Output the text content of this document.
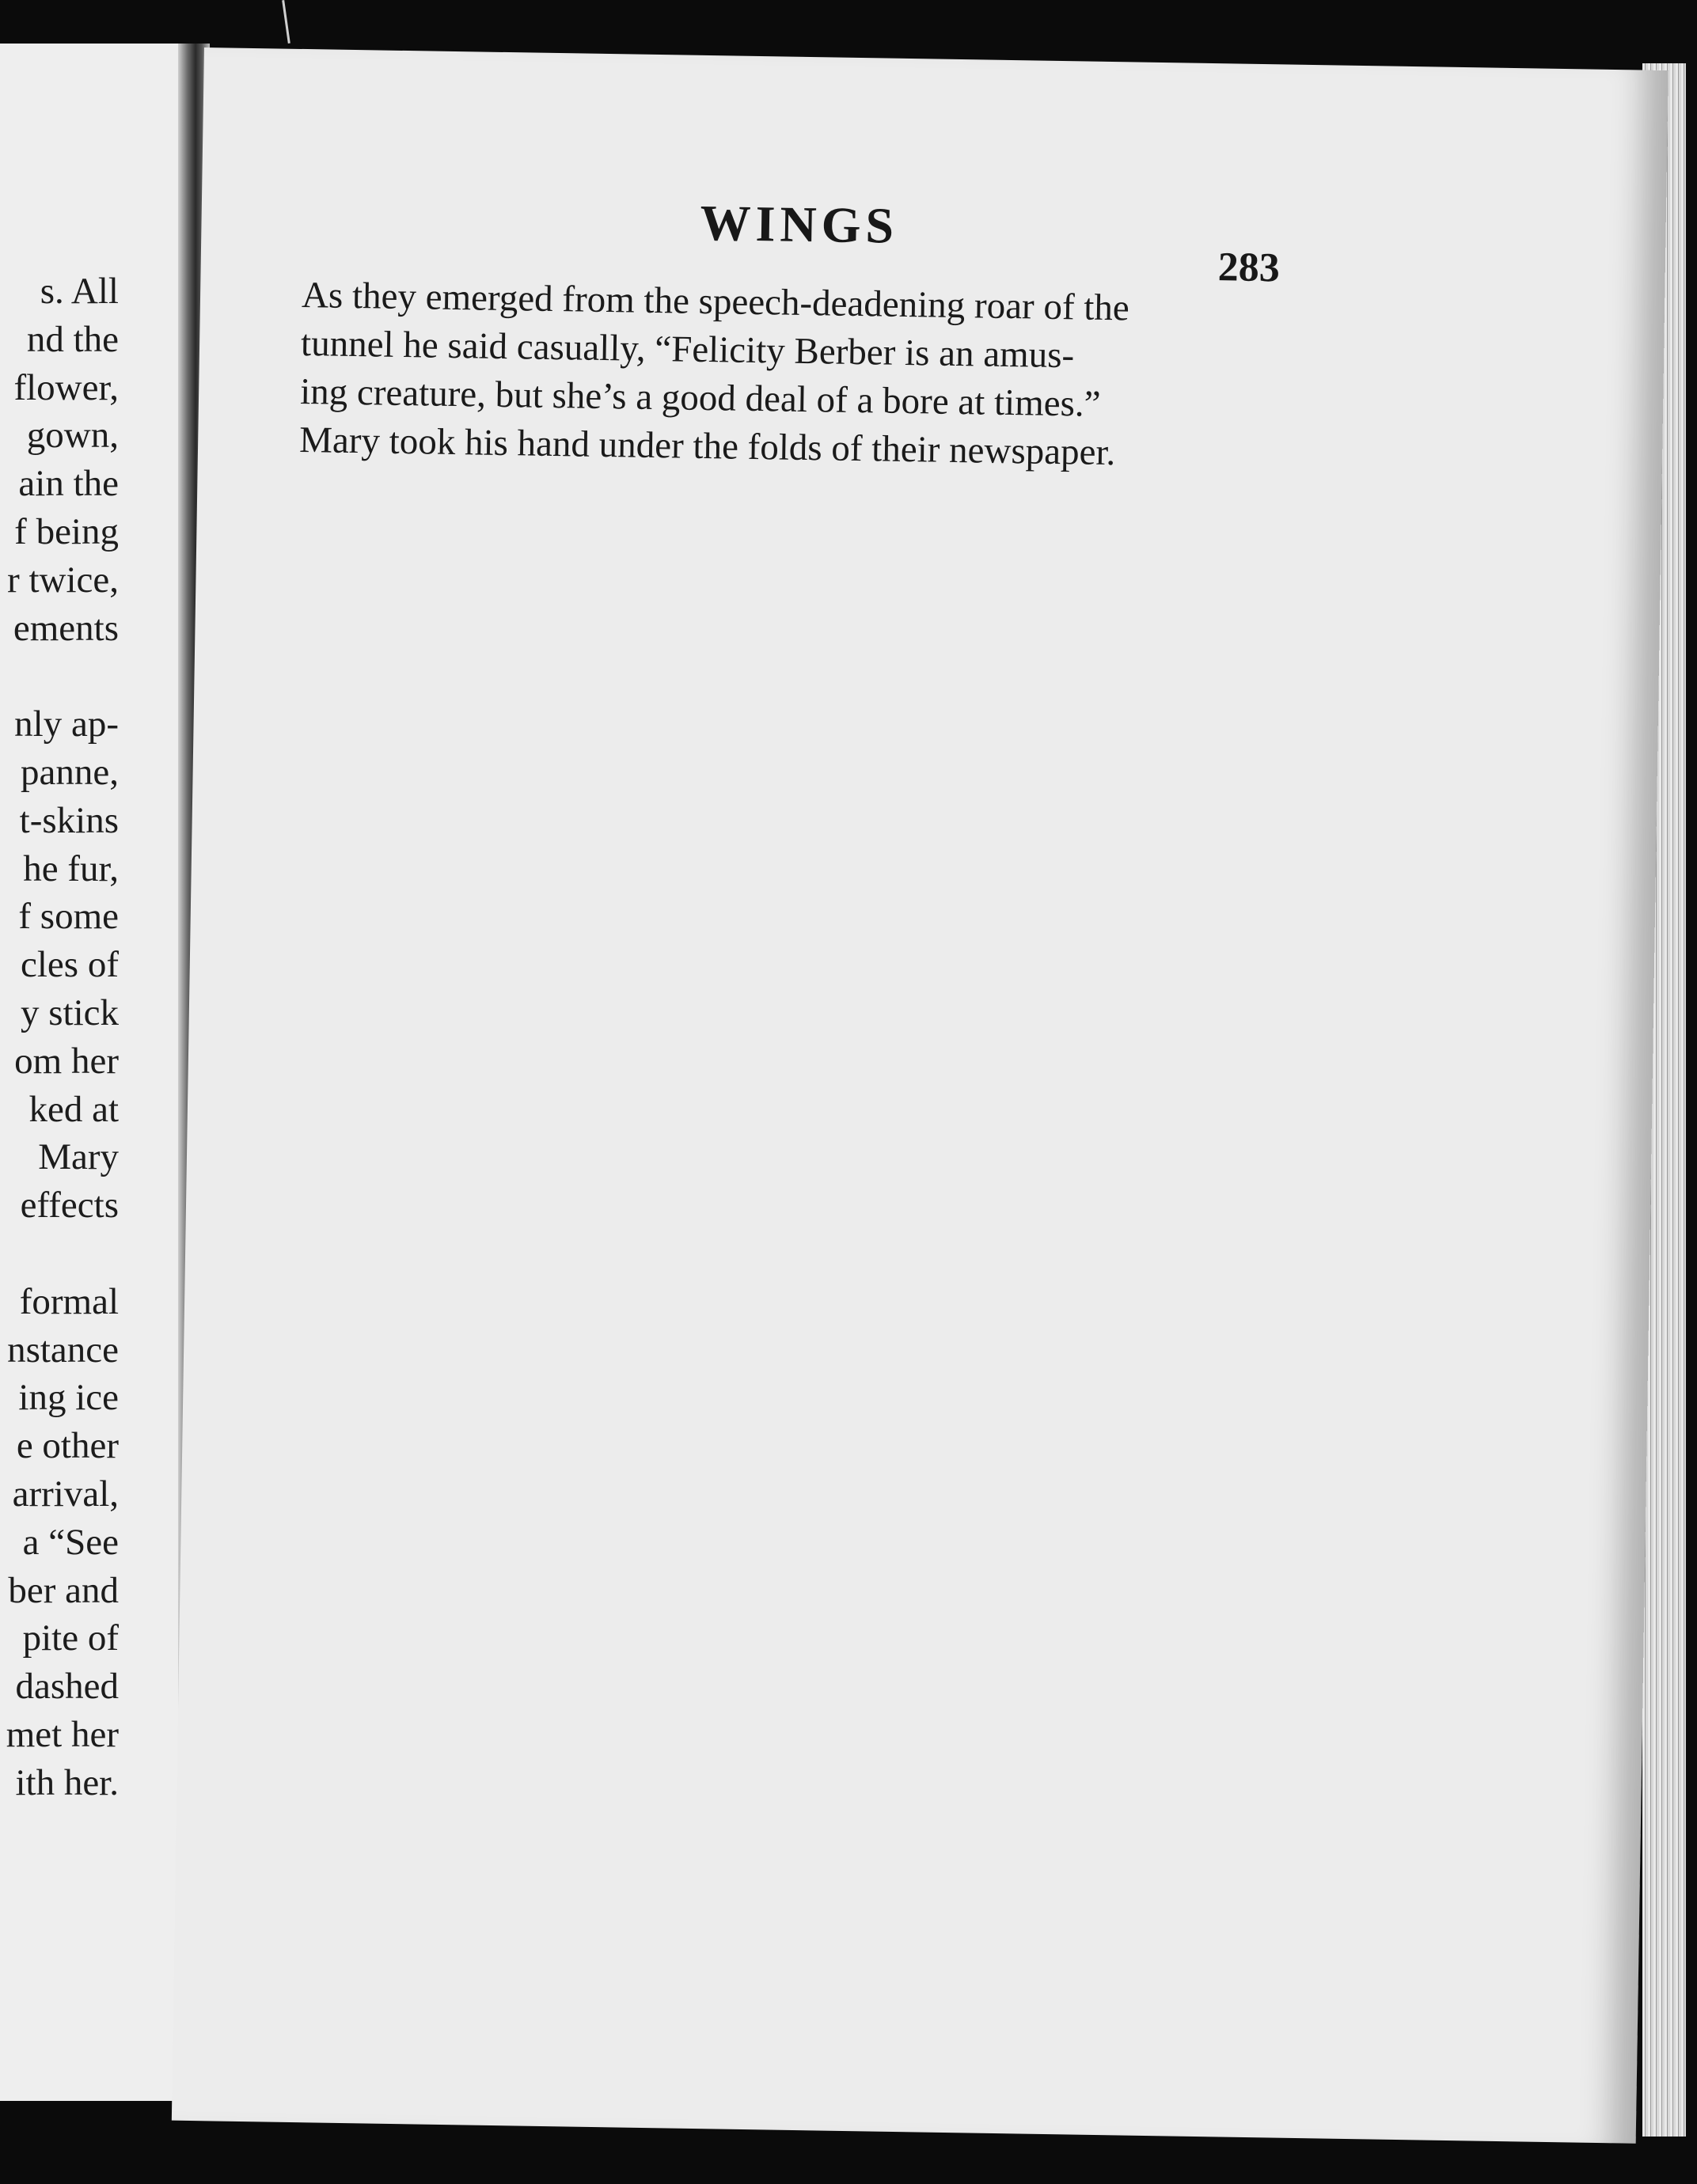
s. All
nd the
flower,
gown,
ain the
f being
r twice,
ements
nly ap-
panne,
t-skins
he fur,
f some
cles of
y stick
om her
ked at
Mary
effects
formal
nstance
ing ice
e other
arrival,
a “See
ber and
pite of
dashed
met her
ith her.
WINGS
283
As they emerged from the speech-deadening roar of the
tunnel he said casually, “Felicity Berber is an amus-
ing creature, but she’s a good deal of a bore at times.”
Mary took his hand under the folds of their newspaper.
